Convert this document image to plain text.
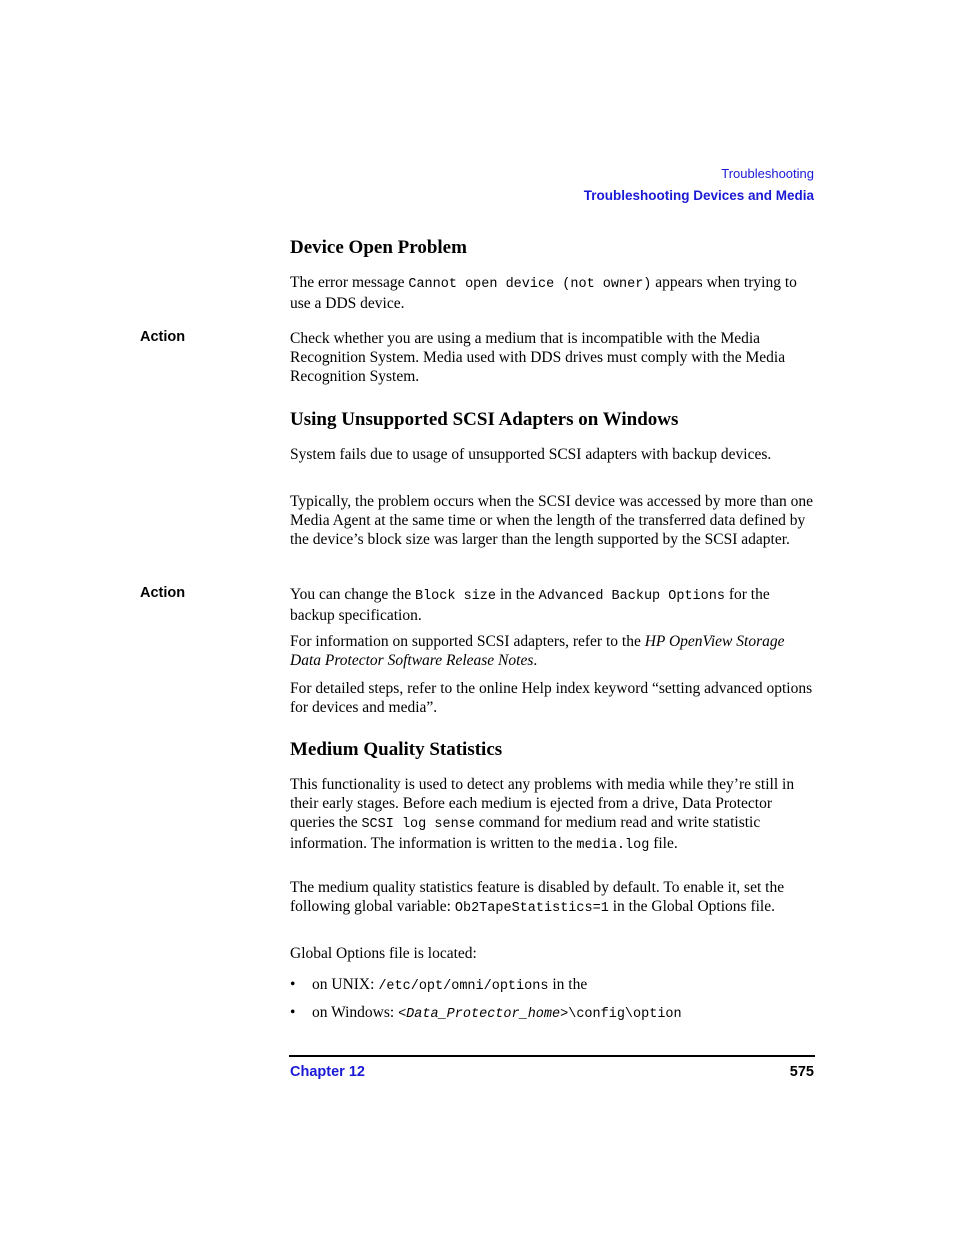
Troubleshooting
Troubleshooting Devices and Media
Device Open Problem

The error message Cannot open device (not owner) appears when trying to use a DDS device.

Action	Check whether you are using a medium that is incompatible with the Media Recognition System. Media used with DDS drives must comply with the Media Recognition System.

Using Unsupported SCSI Adapters on Windows

System fails due to usage of unsupported SCSI adapters with backup devices.

Typically, the problem occurs when the SCSI device was accessed by more than one Media Agent at the same time or when the length of the transferred data defined by the device’s block size was larger than the length supported by the SCSI adapter.

Action	You can change the Block size in the Advanced Backup Options for the backup specification.

For information on supported SCSI adapters, refer to the HP OpenView Storage Data Protector Software Release Notes.

For detailed steps, refer to the online Help index keyword “setting advanced options for devices and media”.

Medium Quality Statistics

This functionality is used to detect any problems with media while they’re still in their early stages. Before each medium is ejected from a drive, Data Protector queries the SCSI log sense command for medium read and write statistic information. The information is written to the media.log file.

The medium quality statistics feature is disabled by default. To enable it, set the following global variable: Ob2TapeStatistics=1 in the Global Options file.

Global Options file is located:

• on UNIX: /etc/opt/omni/options in the
• on Windows: <Data_Protector_home>\config\option
Chapter 12	575
